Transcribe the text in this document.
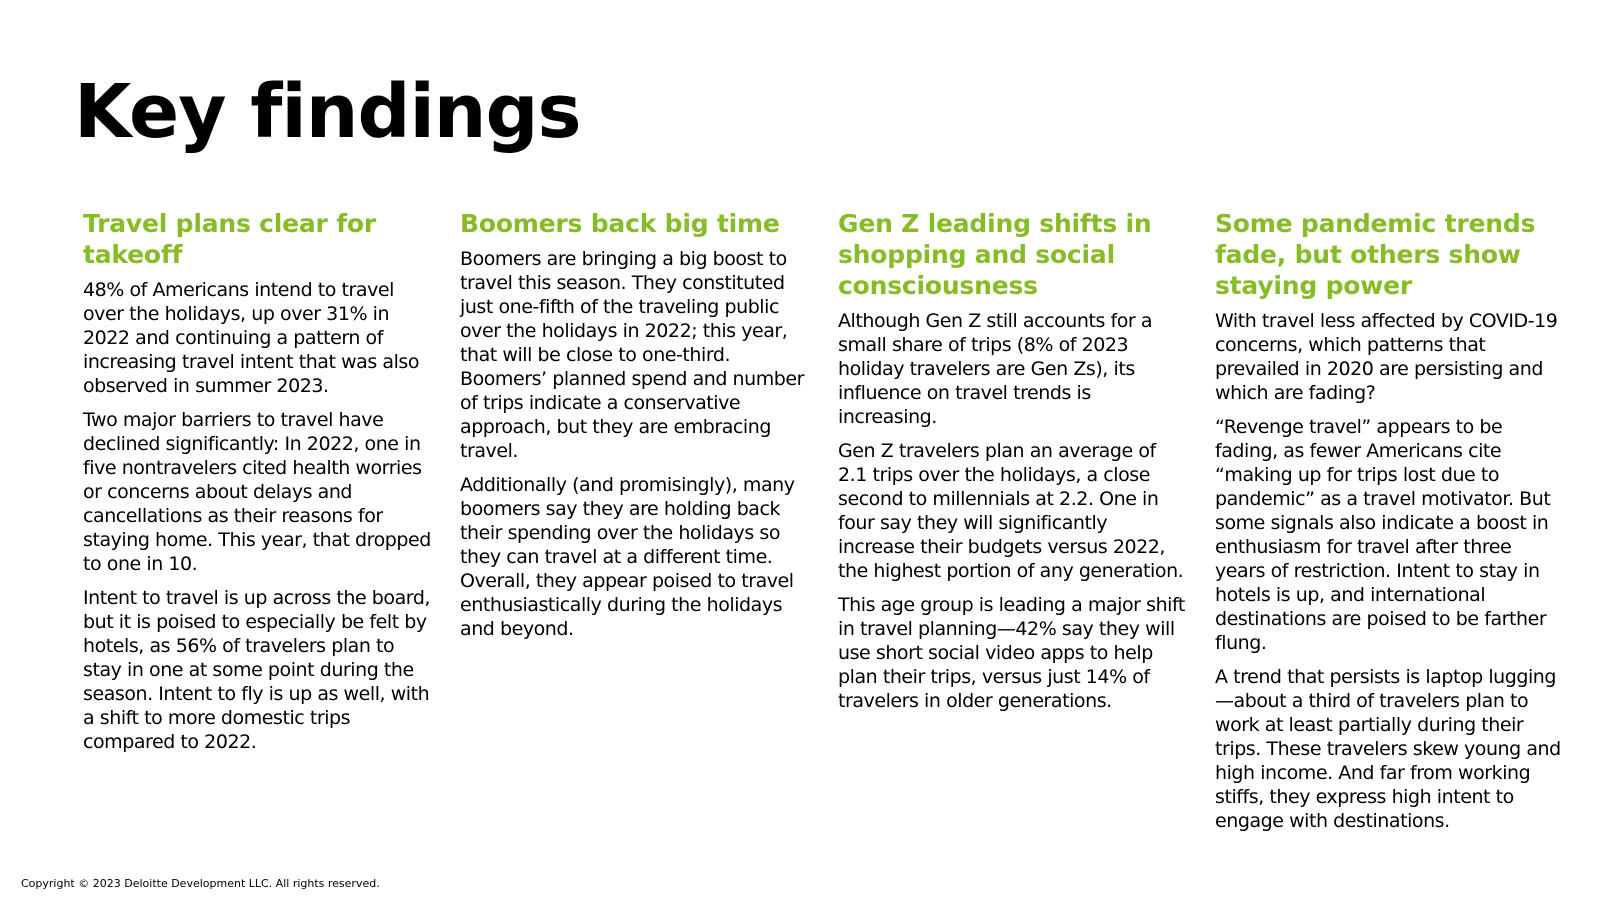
Key findings
Travel plans clear for takeoff

48% of Americans intend to travel over the holidays, up over 31% in 2022 and continuing a pattern of increasing travel intent that was also observed in summer 2023.

Two major barriers to travel have declined significantly: In 2022, one in five nontravelers cited health worries or concerns about delays and cancellations as their reasons for staying home. This year, that dropped to one in 10.

Intent to travel is up across the board, but it is poised to especially be felt by hotels, as 56% of travelers plan to stay in one at some point during the season. Intent to fly is up as well, with a shift to more domestic trips compared to 2022.

Boomers back big time

Boomers are bringing a big boost to travel this season. They constituted just one-fifth of the traveling public over the holidays in 2022; this year, that will be close to one-third. Boomers’ planned spend and number of trips indicate a conservative approach, but they are embracing travel.

Additionally (and promisingly), many boomers say they are holding back their spending over the holidays so they can travel at a different time. Overall, they appear poised to travel enthusiastically during the holidays and beyond.

Gen Z leading shifts in shopping and social consciousness

Although Gen Z still accounts for a small share of trips (8% of 2023 holiday travelers are Gen Zs), its influence on travel trends is increasing.

Gen Z travelers plan an average of 2.1 trips over the holidays, a close second to millennials at 2.2. One in four say they will significantly increase their budgets versus 2022, the highest portion of any generation.

This age group is leading a major shift in travel planning—42% say they will use short social video apps to help plan their trips, versus just 14% of travelers in older generations.

Some pandemic trends fade, but others show staying power

With travel less affected by COVID-19 concerns, which patterns that prevailed in 2020 are persisting and which are fading?

“Revenge travel” appears to be fading, as fewer Americans cite “making up for trips lost due to pandemic” as a travel motivator. But some signals also indicate a boost in enthusiasm for travel after three years of restriction. Intent to stay in hotels is up, and international destinations are poised to be farther flung.

A trend that persists is laptop lugging—about a third of travelers plan to work at least partially during their trips. These travelers skew young and high income. And far from working stiffs, they express high intent to engage with destinations.

Copyright © 2023 Deloitte Development LLC. All rights reserved.
